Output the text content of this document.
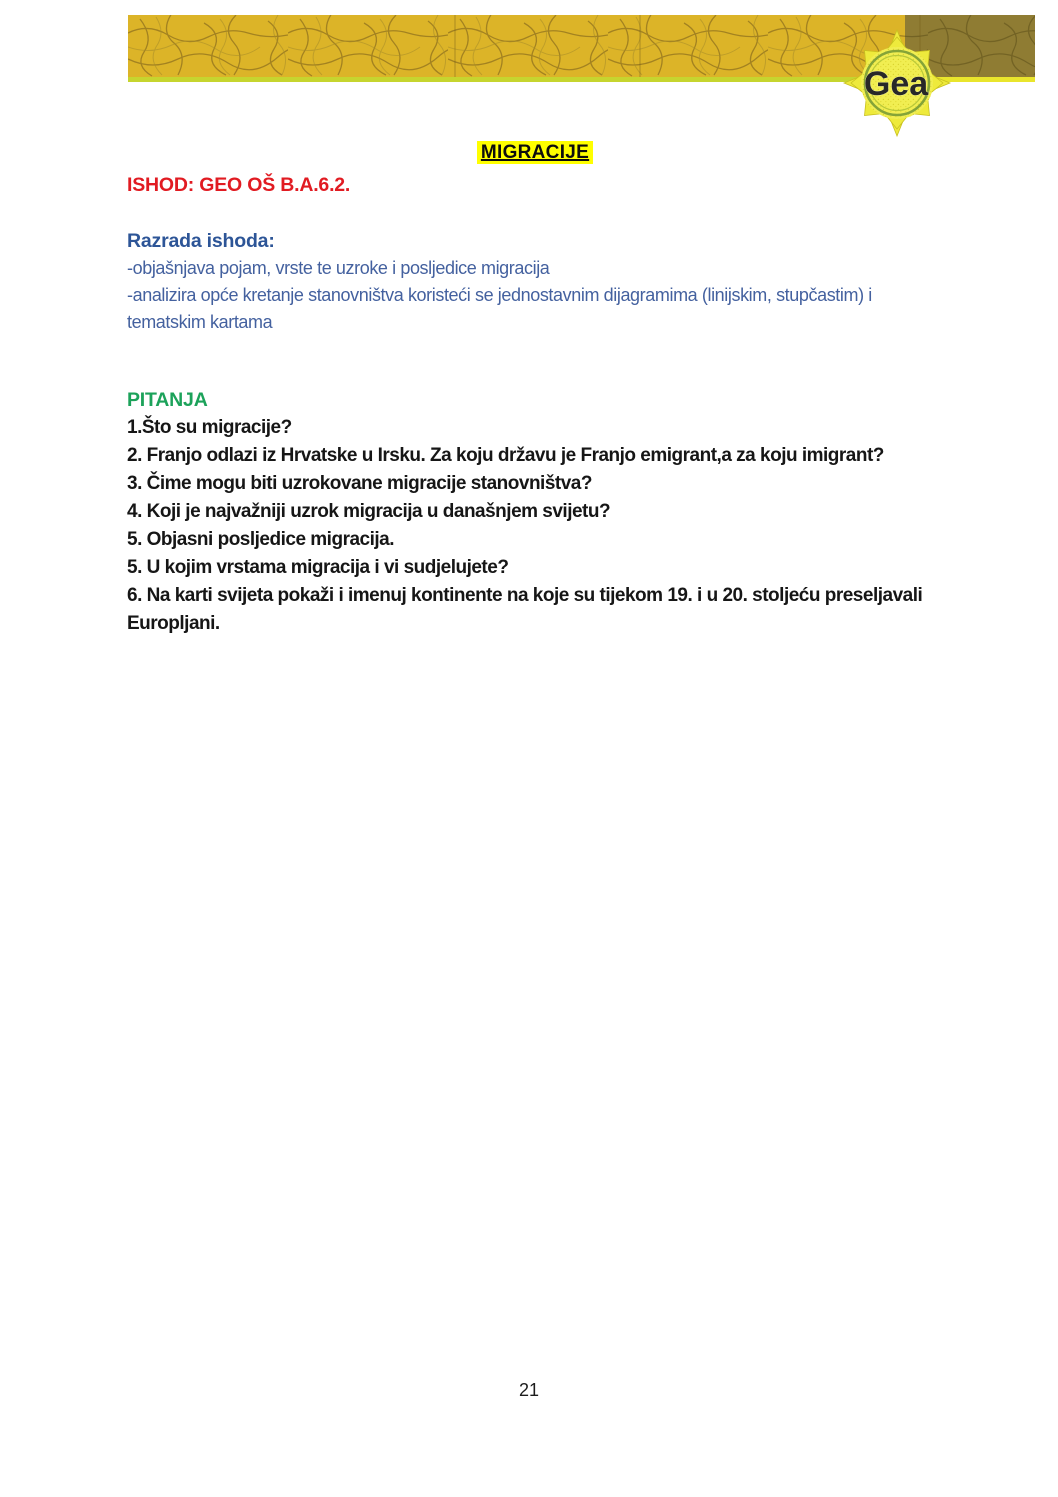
Gea
MIGRACIJE
ISHOD: GEO OŠ B.A.6.2.
Razrada ishoda:
-objašnjava pojam, vrste te uzroke i posljedice migracija
-analizira opće kretanje stanovništva koristeći se jednostavnim dijagramima (linijskim, stupčastim) i tematskim kartama
PITANJA
1.Što su migracije?
2. Franjo odlazi iz Hrvatske u Irsku. Za koju državu je Franjo emigrant,a za koju imigrant?
3. Čime mogu biti uzrokovane migracije stanovništva?
4. Koji je najvažniji uzrok migracija u današnjem svijetu?
5. Objasni posljedice migracija.
5. U kojim vrstama migracija i vi sudjelujete?
6. Na karti svijeta pokaži i imenuj kontinente na koje su tijekom 19. i u 20. stoljeću preseljavali Europljani.
21
